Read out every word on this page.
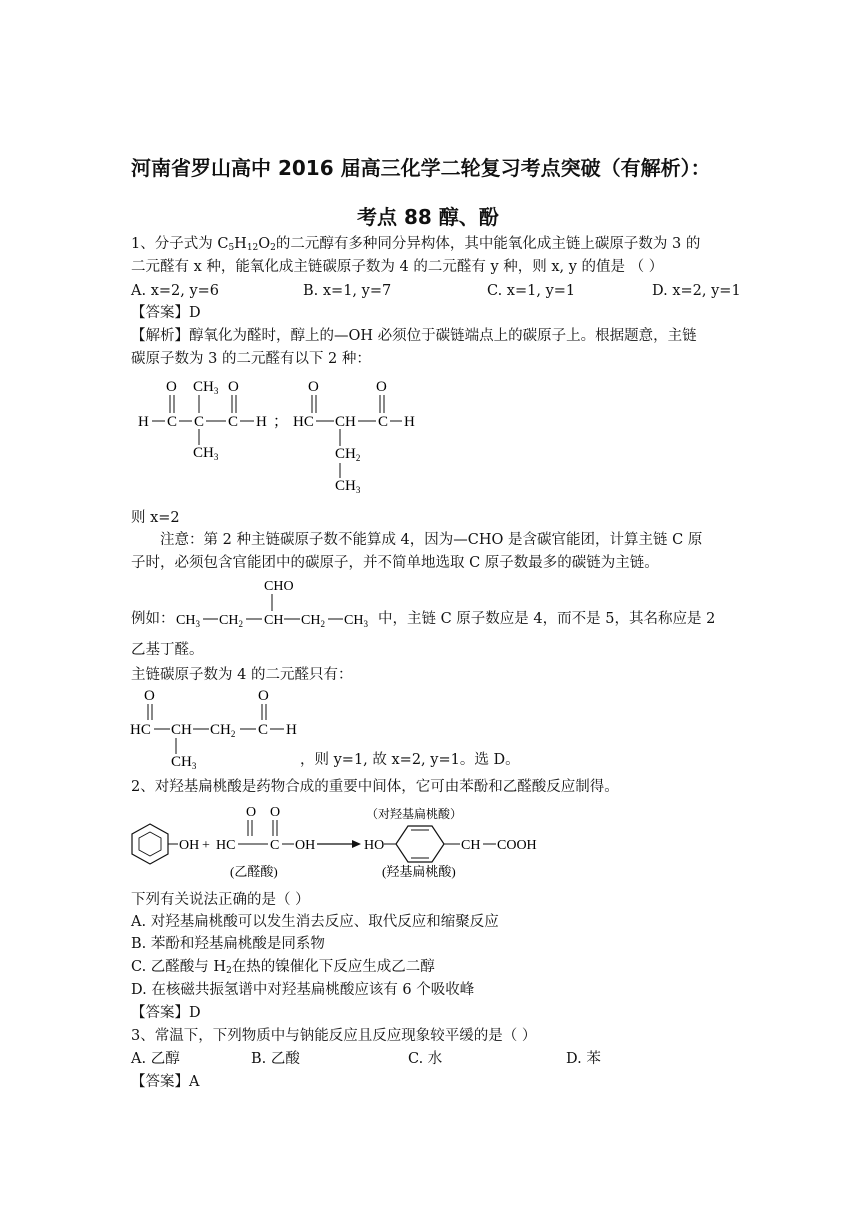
河南省罗山高中 2016 届高三化学二轮复习考点突破（有解析）：
考点 88 醇、酚
1、分子式为 $C_5H_{12}O_2$的二元醇有多种同分异构体，其中能氧化成主链上碳原子数为 3 的
二元醛有 x 种，能氧化成主链碳原子数为 4 的二元醛有 y 种，则 x, y 的值是 （ ）
A. x=2, y=6	B. x=1, y=7	C. x=1, y=1	D. x=2, y=1
【答案】D
【解析】醇氧化为醛时，醇上的—OH 必须位于碳链端点上的碳原子上。根据题意，主链
碳原子数为 3 的二元醛有以下 2 种：
H C
O
C
$CH_3$
$CH_3$
C
O
H ； HC
O
CH
$CH_2$
$CH_3$
C
O
H
则 x=2
注意：第 2 种主链碳原子数不能算成 4，因为—CHO 是含碳官能团，计算主链 C 原
子时，必须包含官能团中的碳原子，并不简单地选取 C 原子数最多的碳链为主链。
CHO
$CH_3$ $CH_2$ CH $CH_2$ $CH_3$
例如：	中，主链 C 原子数应是 4，而不是 5，其名称应是 2
乙基丁醛。
主链碳原子数为 4 的二元醛只有：
O
HC CH
$CH_3$
$CH_2$ C
O
H
，则 y=1, 故 x=2, y=1。选 D。
2、对羟基扁桃酸是药物合成的重要中间体，它可由苯酚和乙醛酸反应制得。
OH + HC
O
C
O
OH
(乙醛酸)
HO	CH COOH
（对羟基扁桃酸）
(羟基扁桃酸)
下列有关说法正确的是（ ）
A. 对羟基扁桃酸可以发生消去反应、取代反应和缩聚反应
B. 苯酚和羟基扁桃酸是同系物
C. 乙醛酸与 $H_2$在热的镍催化下反应生成乙二醇
D. 在核磁共振氢谱中对羟基扁桃酸应该有 6 个吸收峰
【答案】D
3、常温下，下列物质中与钠能反应且反应现象较平缓的是（ ）
A. 乙醇	B. 乙酸	C. 水	D. 苯
【答案】A
